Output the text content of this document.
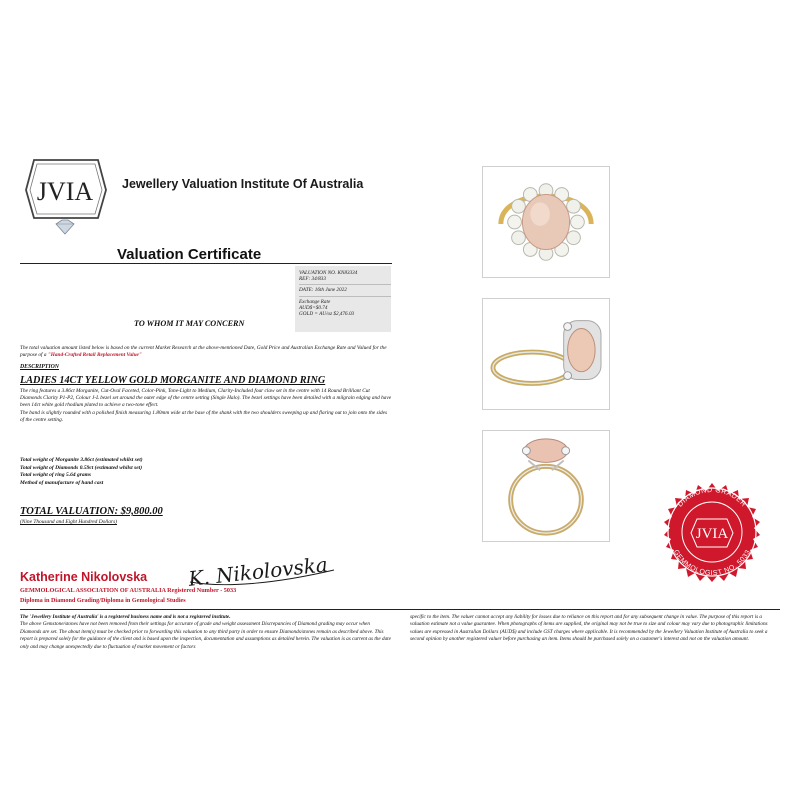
JVIA Jewellery Valuation Institute Of Australia
Valuation Certificate
VALUATION NO. KN83334
REF: 34/833
DATE: 16th June 2022
Exchange Rate
AUD$=$0.74
GOLD = AU/oz $2,476.03
TO WHOM IT MAY CONCERN
The total valuation amount listed below is based on the current Market Research at the above-mentioned Date, Gold Price and Australian Exchange Rate and Valued for the purpose of a "Hand-Crafted Retail Replacement Value"
DESCRIPTION
LADIES 14CT YELLOW GOLD MORGANITE AND DIAMOND RING

The ring features a 3.86ct Morganite, Cut-Oval Faceted, Color-Pink, Tone-Light to Medium, Clarity-Included four claw set in the centre with 14 Round Brilliant Cut Diamonds Clarity P1-P2, Colour J-L bezel set around the outer edge of the centre setting (Single Halo). The bezel settings have been detailed with a milgrain edging and have been 14ct white gold rhodium plated to achieve a two-tone effect.

The band is slightly rounded with a polished finish measuring 1.80mm wide at the base of the shank with the two shoulders sweeping up and flaring out to join onto the sides of the centre setting.

Total weight of Morganite 3.86ct (estimated whilst set)
Total weight of Diamonds 0.59ct (estimated whilst set)
Total weight of ring 5.64 grams
Method of manufacture of hand cast
TOTAL VALUATION: $9,800.00
(Nine Thousand and Eight Hundred Dollars)
Katherine Nikolovska K. Nikolovska
GEMMOLOGICAL ASSOCIATION OF AUSTRALIA Registered Number - 5033
Diploma in Diamond Grading/Diploma in Gemological Studies
The 'Jewellery Institute of Australia' is a registered business name and is not a registered institute.
The above Gemstone/stones have not been removed from their settings for accurate of grade and weight assessment Discrepancies of Diamond grading may occur when Diamonds are set. The about item(s) must be checked prior to forwarding this valuation to any third party in order to ensure Diamonds/stones remain as described above. This report is prepared solely for the guidance of the client and is based upon the inspection, documentation and assumptions as detailed herein. The valuation is as current as the date only and may change unexpectedly due to fluctuation of market movement or factors
specific to the item. The valuer cannot accept any liability for losses due to reliance on this report and for any subsequent change in value. The purpose of this report is a valuation estimate not a value guarantee. When photographs of items are supplied, the original may not be true to size and colour may vary due to photographic limitations values are expressed in Australian Dollars (AUD$) and include GST charges where applicable. It is recommended by the Jewellery Valuation Institute of Australia to seek a second opinion by another registered valuer before purchasing an item. Items should be purchased solely on a customer's interest and not on the valuation amount.
DIAMOND GRADER
GEMMOLOGIST NO. 5033
JVIA
